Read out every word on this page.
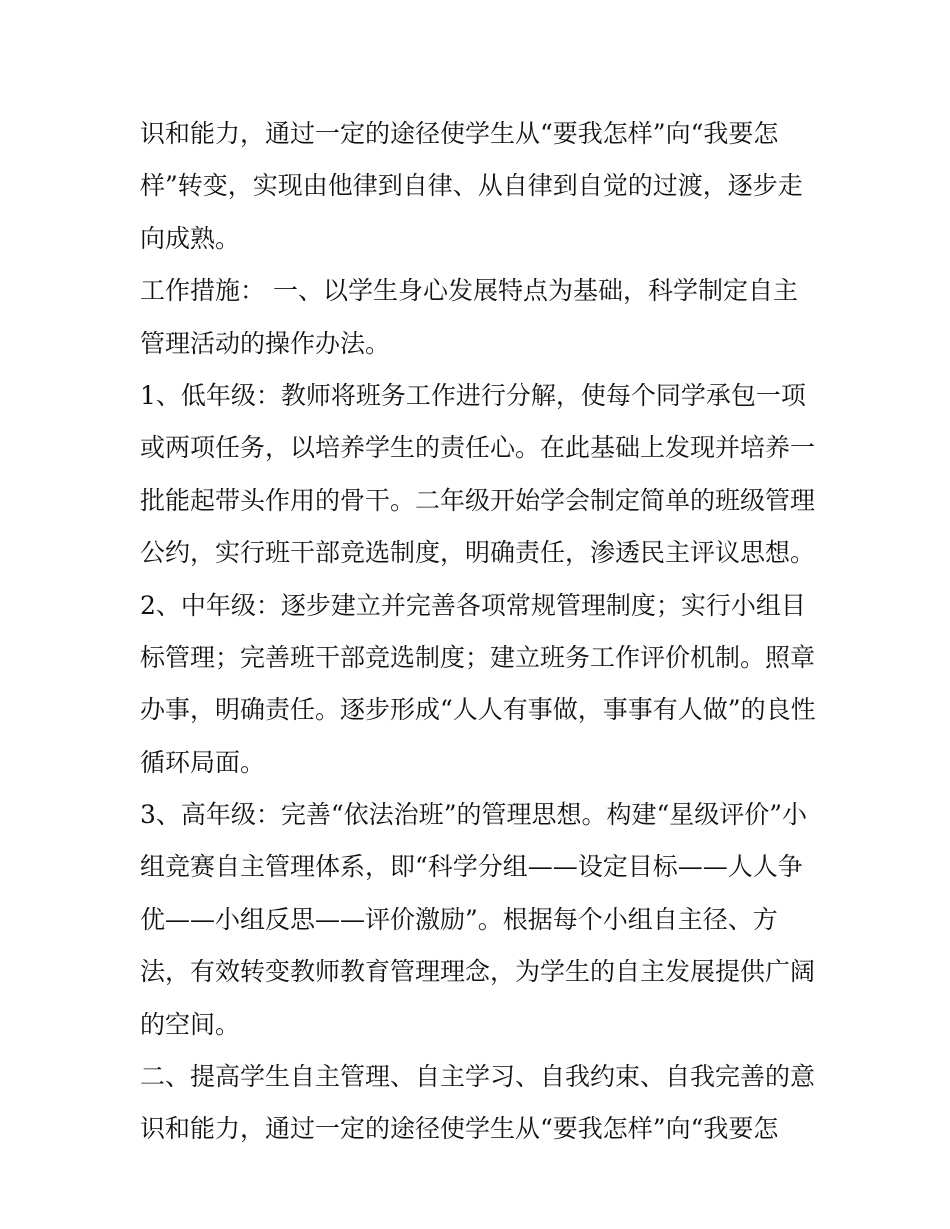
识和能力，通过一定的途径使学生从“要我怎样”向“我要怎
样”转变，实现由他律到自律、从自律到自觉的过渡，逐步走
向成熟。
工作措施： 一、以学生身心发展特点为基础，科学制定自主
管理活动的操作办法。
1、低年级：教师将班务工作进行分解，使每个同学承包一项
或两项任务，以培养学生的责任心。在此基础上发现并培养一
批能起带头作用的骨干。二年级开始学会制定简单的班级管理
公约，实行班干部竞选制度，明确责任，渗透民主评议思想。
2、中年级：逐步建立并完善各项常规管理制度；实行小组目
标管理；完善班干部竞选制度；建立班务工作评价机制。照章
办事，明确责任。逐步形成“人人有事做，事事有人做”的良性
循环局面。
3、高年级：完善“依法治班”的管理思想。构建“星级评价”小
组竞赛自主管理体系，即“科学分组——设定目标——人人争
优——小组反思——评价激励”。根据每个小组自主径、方
法，有效转变教师教育管理理念，为学生的自主发展提供广阔
的空间。
二、提高学生自主管理、自主学习、自我约束、自我完善的意
识和能力，通过一定的途径使学生从“要我怎样”向“我要怎
